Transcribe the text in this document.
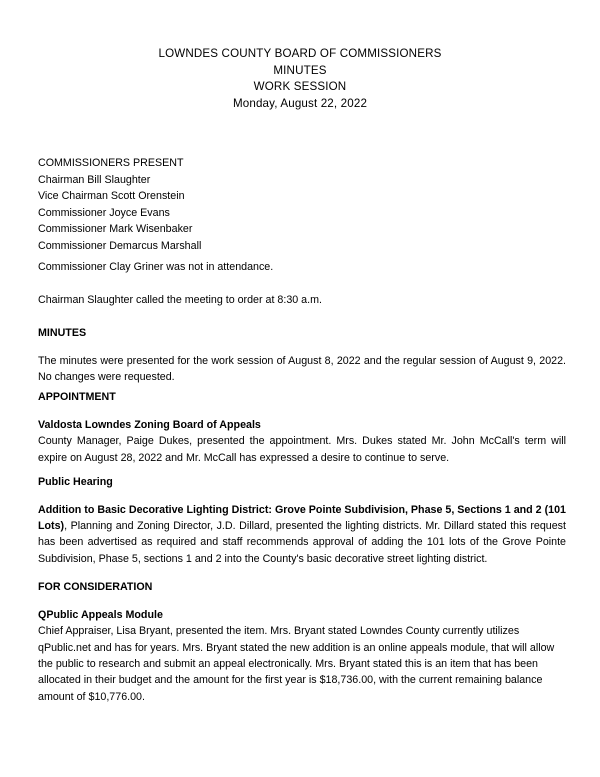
LOWNDES COUNTY BOARD OF COMMISSIONERS
MINUTES
WORK SESSION
Monday, August 22, 2022
COMMISSIONERS PRESENT
Chairman Bill Slaughter
Vice Chairman Scott Orenstein
Commissioner Joyce Evans
Commissioner Mark Wisenbaker
Commissioner Demarcus Marshall
Commissioner Clay Griner was not in attendance.
Chairman Slaughter called the meeting to order at 8:30 a.m.
MINUTES
The minutes were presented for the work session of August 8, 2022 and the regular session of August 9, 2022. No changes were requested.
APPOINTMENT
Valdosta Lowndes Zoning Board of Appeals
County Manager, Paige Dukes, presented the appointment. Mrs. Dukes stated Mr. John McCall's term will expire on August 28, 2022 and Mr. McCall has expressed a desire to continue to serve.
Public Hearing
Addition to Basic Decorative Lighting District: Grove Pointe Subdivision, Phase 5, Sections 1 and 2 (101 Lots), Planning and Zoning Director, J.D. Dillard, presented the lighting districts. Mr. Dillard stated this request has been advertised as required and staff recommends approval of adding the 101 lots of the Grove Pointe Subdivision, Phase 5, sections 1 and 2 into the County's basic decorative street lighting district.
FOR CONSIDERATION
QPublic Appeals Module
Chief Appraiser, Lisa Bryant, presented the item. Mrs. Bryant stated Lowndes County currently utilizes qPublic.net and has for years. Mrs. Bryant stated the new addition is an online appeals module, that will allow the public to research and submit an appeal electronically. Mrs. Bryant stated this is an item that has been allocated in their budget and the amount for the first year is $18,736.00, with the current remaining balance amount of $10,776.00.
